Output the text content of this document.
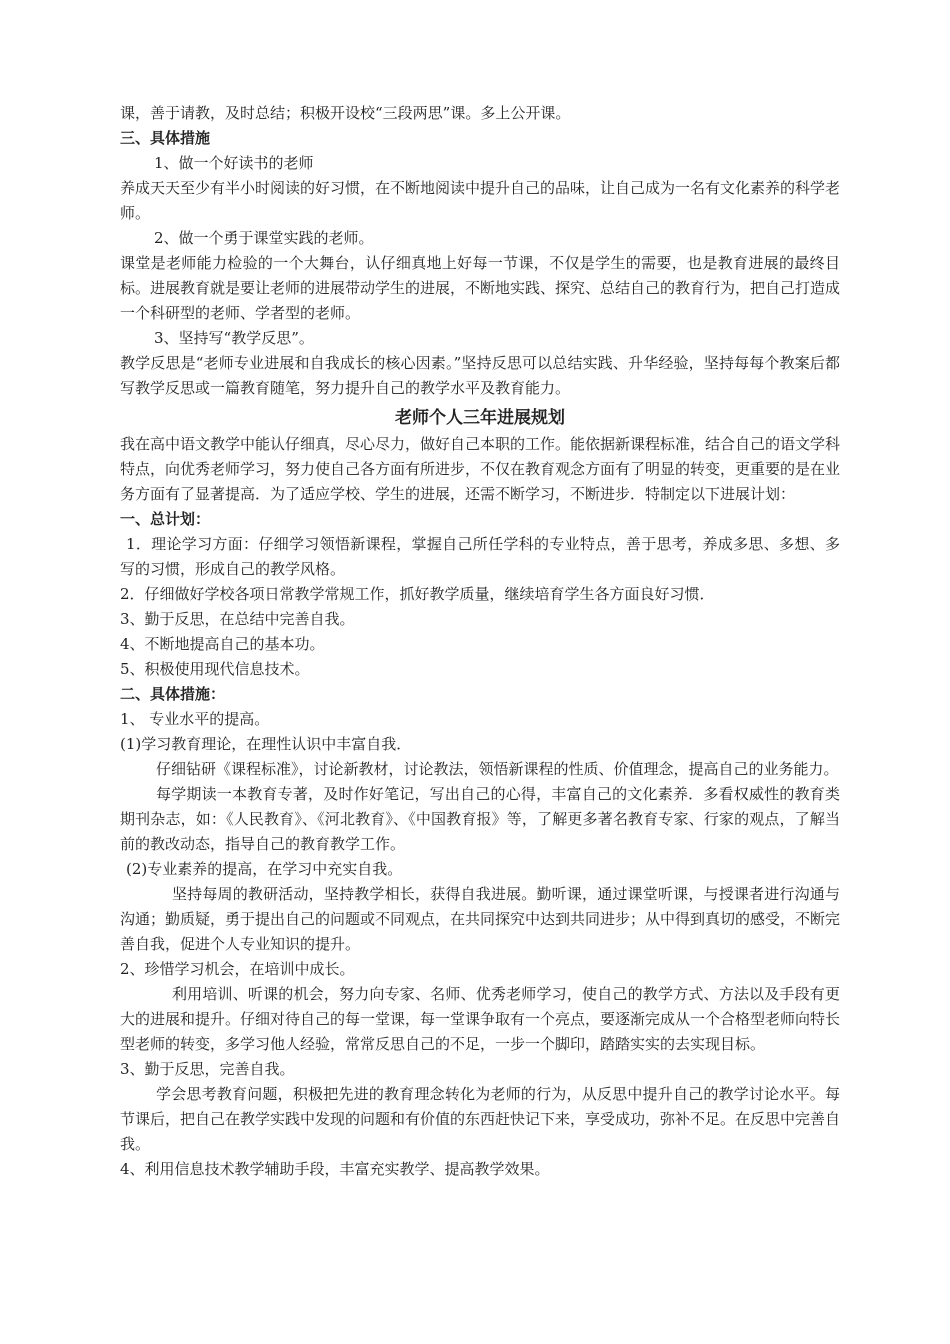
课，善于请教，及时总结；积极开设校“三段两思”课。多上公开课。

三、具体措施

1、做一个好读书的老师

养成天天至少有半小时阅读的好习惯，在不断地阅读中提升自己的品味，让自己成为一名有文化素养的科学老师。

2、做一个勇于课堂实践的老师。

课堂是老师能力检验的一个大舞台，认仔细真地上好每一节课，不仅是学生的需要，也是教育进展的最终目标。进展教育就是要让老师的进展带动学生的进展，不断地实践、探究、总结自己的教育行为，把自己打造成一个科研型的老师、学者型的老师。

3、坚持写“教学反思”。

教学反思是“老师专业进展和自我成长的核心因素。”坚持反思可以总结实践、升华经验，坚持每每个教案后都写教学反思或一篇教育随笔，努力提升自己的教学水平及教育能力。

老师个人三年进展规划

我在高中语文教学中能认仔细真，尽心尽力，做好自己本职的工作。能依据新课程标准，结合自己的语文学科特点，向优秀老师学习，努力使自己各方面有所进步，不仅在教育观念方面有了明显的转变，更重要的是在业务方面有了显著提高．为了适应学校、学生的进展，还需不断学习，不断进步．特制定以下进展计划：

一、总计划：

1．理论学习方面：仔细学习领悟新课程，掌握自己所任学科的专业特点，善于思考，养成多思、多想、多写的习惯，形成自己的教学风格。

2．仔细做好学校各项日常教学常规工作，抓好教学质量，继续培育学生各方面良好习惯．

3、勤于反思，在总结中完善自我。

4、不断地提高自己的基本功。

5、积极使用现代信息技术。

二、具体措施：

1、 专业水平的提高。

(1)学习教育理论，在理性认识中丰富自我．

仔细钻研《课程标准》，讨论新教材，讨论教法，领悟新课程的性质、价值理念，提高自己的业务能力。

每学期读一本教育专著，及时作好笔记，写出自己的心得，丰富自己的文化素养．多看权威性的教育类期刊杂志，如：《人民教育》、《河北教育》、《中国教育报》等，了解更多著名教育专家、行家的观点，了解当前的教改动态，指导自己的教育教学工作。

(2)专业素养的提高，在学习中充实自我。

坚持每周的教研活动，坚持教学相长，获得自我进展。勤听课，通过课堂听课，与授课者进行沟通与沟通；勤质疑，勇于提出自己的问题或不同观点，在共同探究中达到共同进步；从中得到真切的感受，不断完善自我，促进个人专业知识的提升。

2、珍惜学习机会，在培训中成长。

利用培训、听课的机会，努力向专家、名师、优秀老师学习，使自己的教学方式、方法以及手段有更大的进展和提升。仔细对待自己的每一堂课，每一堂课争取有一个亮点，要逐渐完成从一个合格型老师向特长型老师的转变，多学习他人经验，常常反思自己的不足，一步一个脚印，踏踏实实的去实现目标。

3、勤于反思，完善自我。

学会思考教育问题，积极把先进的教育理念转化为老师的行为，从反思中提升自己的教学讨论水平。每节课后，把自己在教学实践中发现的问题和有价值的东西赶快记下来，享受成功，弥补不足。在反思中完善自我。

4、利用信息技术教学辅助手段，丰富充实教学、提高教学效果。
